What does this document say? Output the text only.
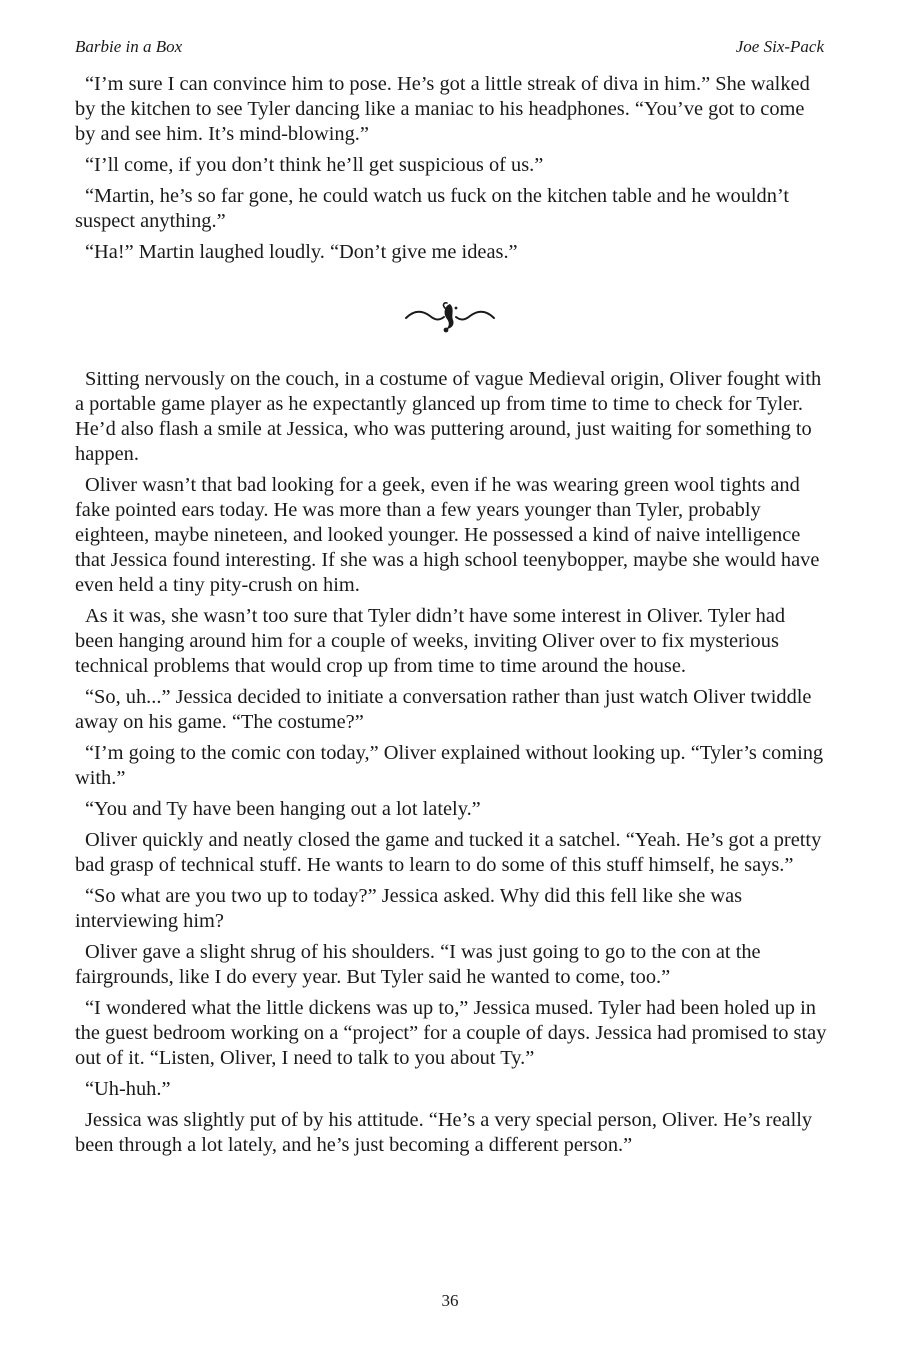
Barbie in a Box	Joe Six-Pack

“I’m sure I can convince him to pose. He’s got a little streak of diva in him.” She walked by the kitchen to see Tyler dancing like a maniac to his headphones. “You’ve got to come by and see him. It’s mind-blowing.”

“I’ll come, if you don’t think he’ll get suspicious of us.”

“Martin, he’s so far gone, he could watch us fuck on the kitchen table and he wouldn’t suspect anything.”

“Ha!” Martin laughed loudly. “Don’t give me ideas.”

Sitting nervously on the couch, in a costume of vague Medieval origin, Oliver fought with a portable game player as he expectantly glanced up from time to time to check for Tyler. He’d also flash a smile at Jessica, who was puttering around, just waiting for something to happen.

Oliver wasn’t that bad looking for a geek, even if he was wearing green wool tights and fake pointed ears today. He was more than a few years younger than Tyler, probably eighteen, maybe nineteen, and looked younger. He possessed a kind of naive intelligence that Jessica found interesting. If she was a high school teenybopper, maybe she would have even held a tiny pity-crush on him.

As it was, she wasn’t too sure that Tyler didn’t have some interest in Oliver. Tyler had been hanging around him for a couple of weeks, inviting Oliver over to fix mysterious technical problems that would crop up from time to time around the house.

“So, uh...” Jessica decided to initiate a conversation rather than just watch Oliver twiddle away on his game. “The costume?”

“I’m going to the comic con today,” Oliver explained without looking up. “Tyler’s coming with.”

“You and Ty have been hanging out a lot lately.”

Oliver quickly and neatly closed the game and tucked it a satchel. “Yeah. He’s got a pretty bad grasp of technical stuff. He wants to learn to do some of this stuff himself, he says.”

“So what are you two up to today?” Jessica asked. Why did this fell like she was interviewing him?

Oliver gave a slight shrug of his shoulders. “I was just going to go to the con at the fairgrounds, like I do every year. But Tyler said he wanted to come, too.”

“I wondered what the little dickens was up to,” Jessica mused. Tyler had been holed up in the guest bedroom working on a “project” for a couple of days. Jessica had promised to stay out of it. “Listen, Oliver, I need to talk to you about Ty.”

“Uh-huh.”

Jessica was slightly put of by his attitude. “He’s a very special person, Oliver. He’s really been through a lot lately, and he’s just becoming a different person.”

36
